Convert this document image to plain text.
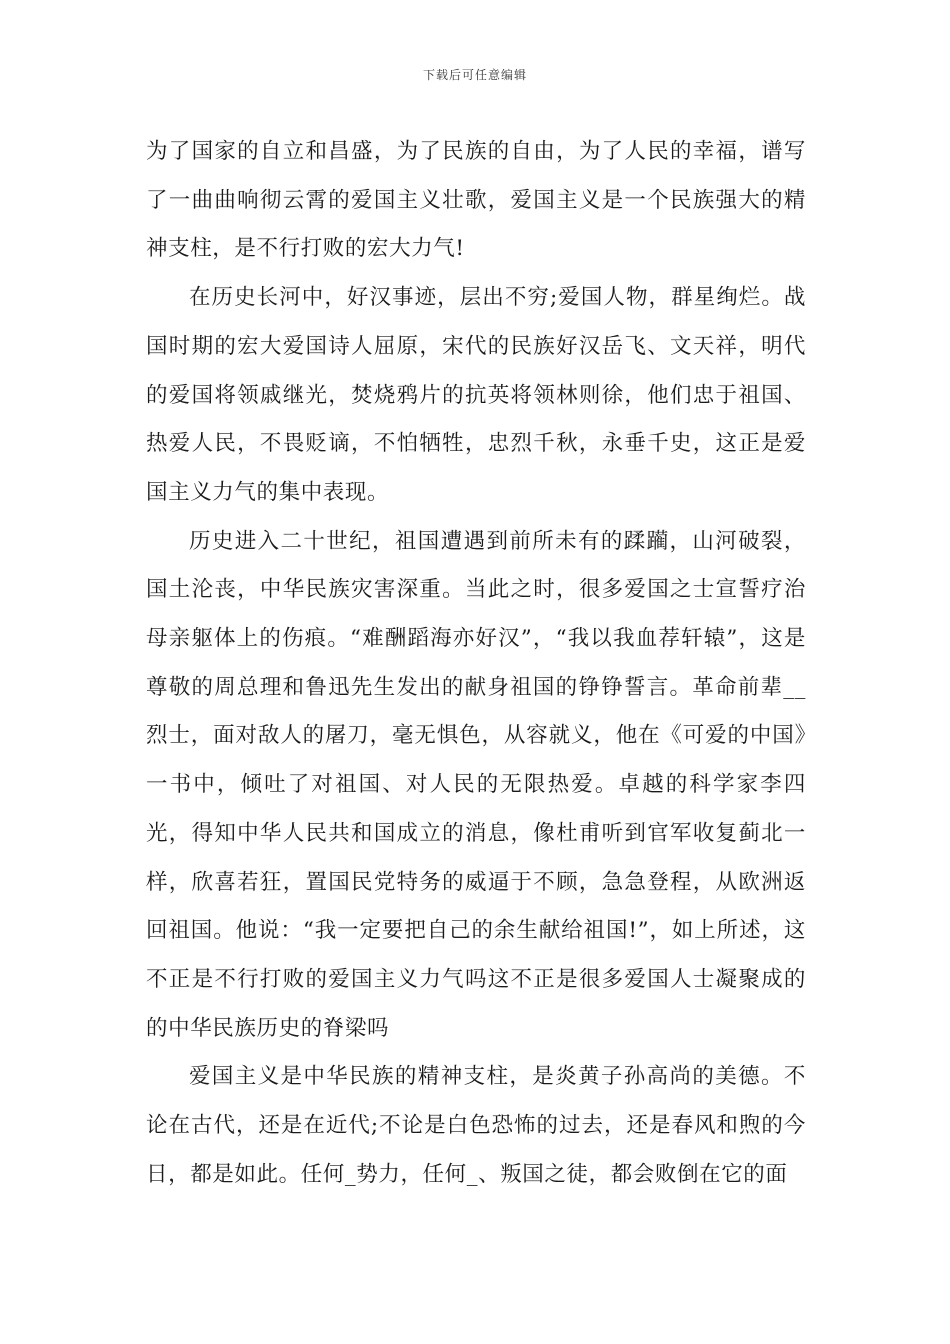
下载后可任意编辑

为了国家的自立和昌盛，为了民族的自由，为了人民的幸福，谱写了一曲曲响彻云霄的爱国主义壮歌，爱国主义是一个民族强大的精神支柱，是不行打败的宏大力气!

在历史长河中，好汉事迹，层出不穷;爱国人物，群星绚烂。战国时期的宏大爱国诗人屈原，宋代的民族好汉岳飞、文天祥，明代的爱国将领戚继光，焚烧鸦片的抗英将领林则徐，他们忠于祖国、热爱人民，不畏贬谪，不怕牺牲，忠烈千秋，永垂千史，这正是爱国主义力气的集中表现。

历史进入二十世纪，祖国遭遇到前所未有的蹂躏，山河破裂，国土沦丧，中华民族灾害深重。当此之时，很多爱国之士宣誓疗治母亲躯体上的伤痕。“难酬蹈海亦好汉”，“我以我血荐轩辕”，这是尊敬的周总理和鲁迅先生发出的献身祖国的铮铮誓言。革命前辈__烈士，面对敌人的屠刀，毫无惧色，从容就义，他在《可爱的中国》一书中，倾吐了对祖国、对人民的无限热爱。卓越的科学家李四光，得知中华人民共和国成立的消息，像杜甫听到官军收复蓟北一样，欣喜若狂，置国民党特务的威逼于不顾，急急登程，从欧洲返回祖国。他说：“我一定要把自己的余生献给祖国!”，如上所述，这不正是不行打败的爱国主义力气吗这不正是很多爱国人士凝聚成的的中华民族历史的脊梁吗

爱国主义是中华民族的精神支柱，是炎黄子孙高尚的美德。不论在古代，还是在近代;不论是白色恐怖的过去，还是春风和煦的今日，都是如此。任何_势力，任何_、叛国之徒，都会败倒在它的面
